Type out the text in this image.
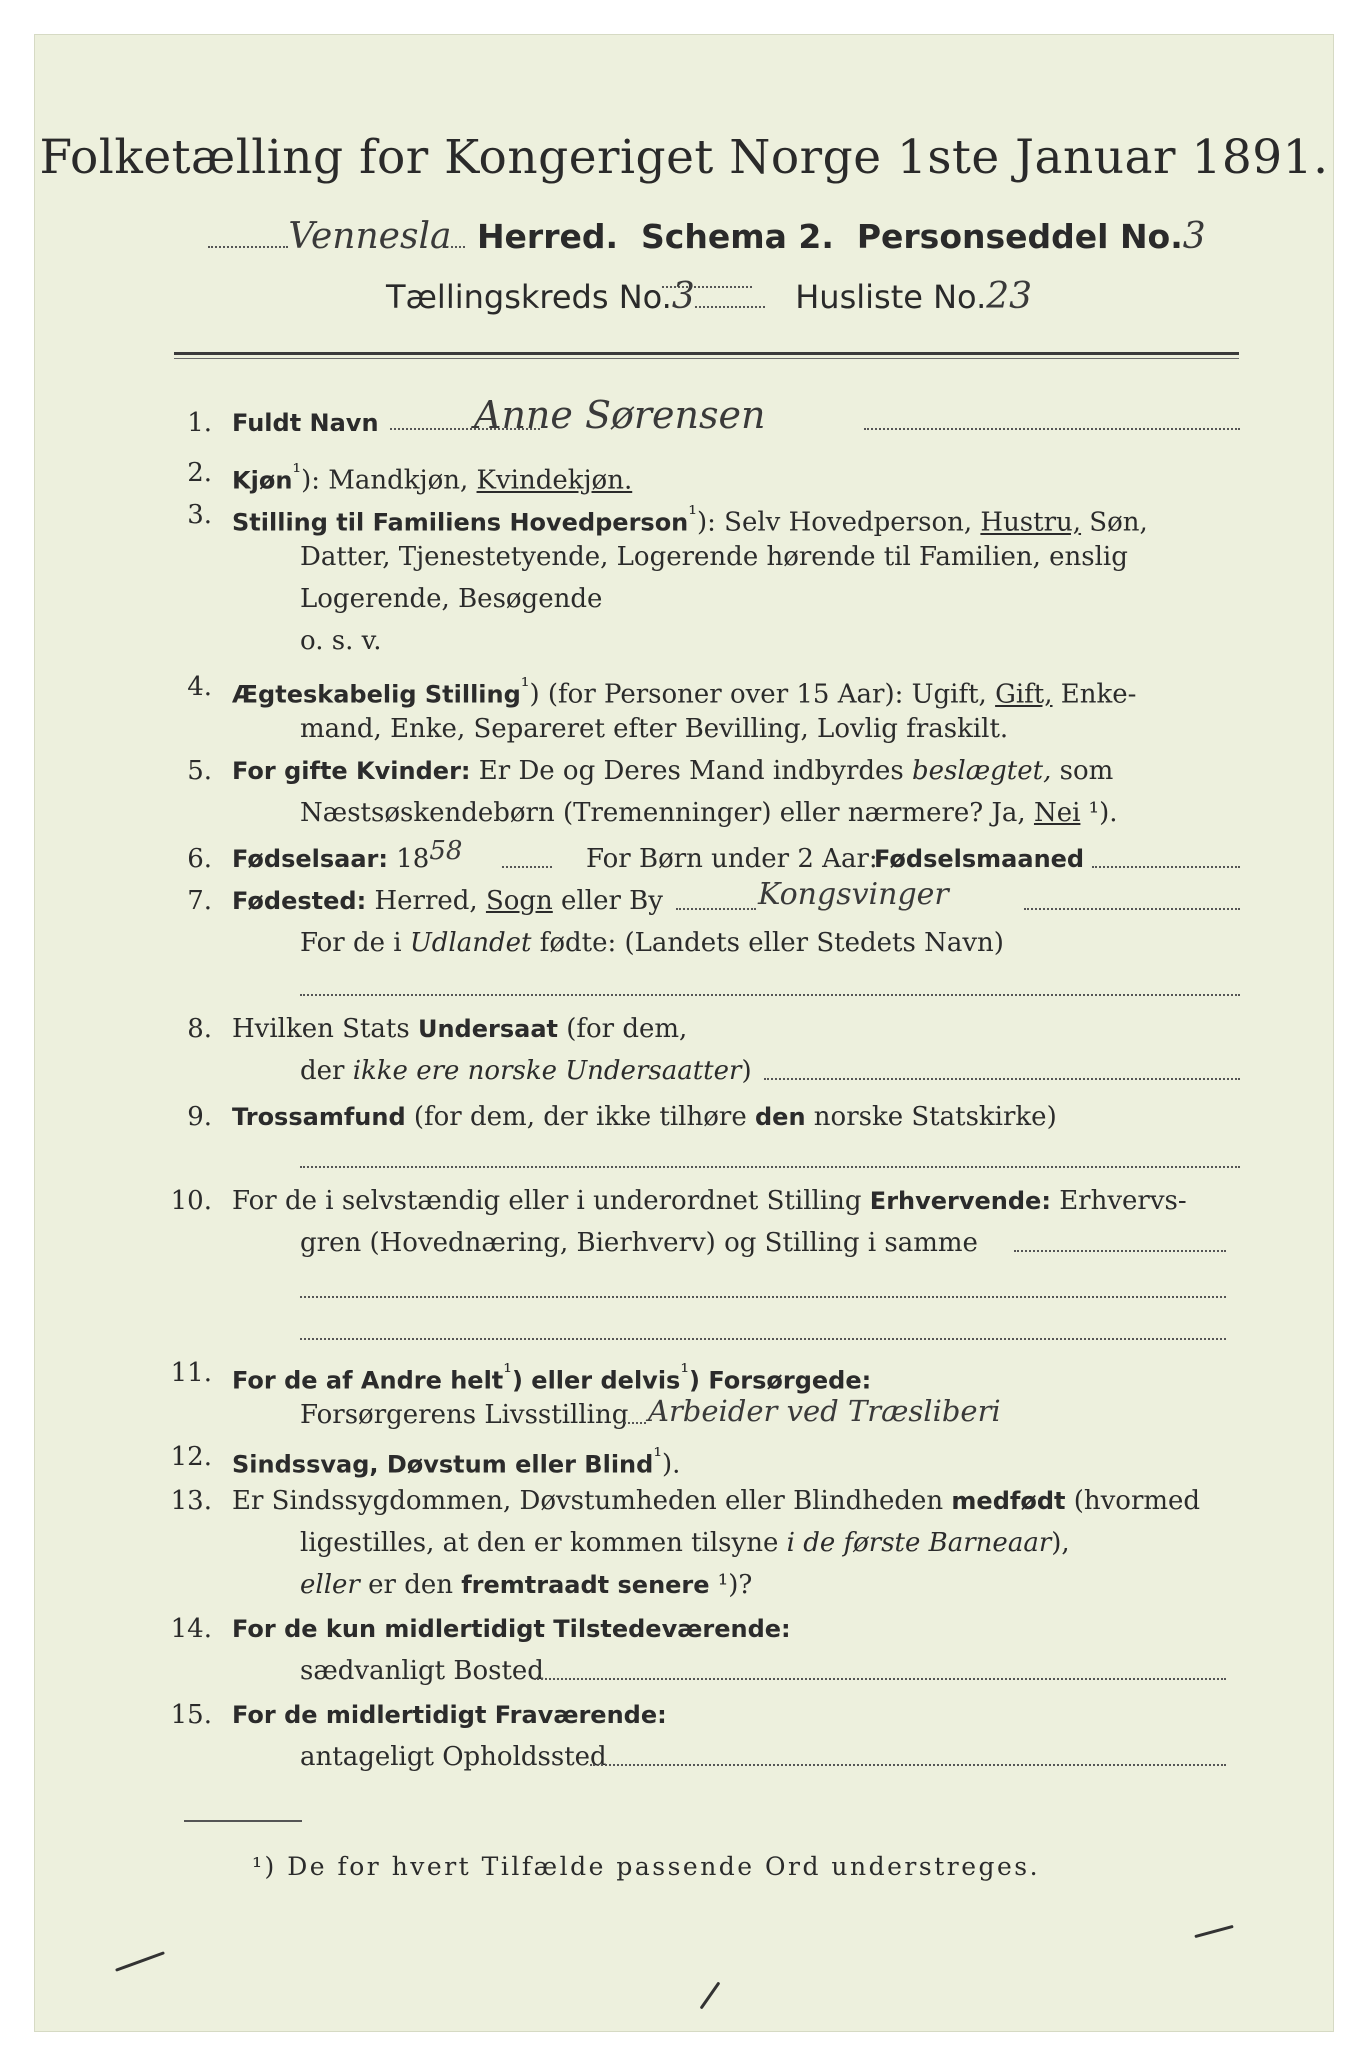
Folketælling for Kongeriget Norge 1ste Januar 1891.
Vennesla Herred. Schema 2. Personseddel No.3
Tællingskreds No.3	Husliste No.23
1. Fuldt Navn	Anne Sørensen
2. Kjøn$^{^1}$): Mandkjøn, Kvindekjøn.
3. Stilling til Familiens Hovedperson$^{^1}$): Selv Hovedperson, Hustru, Søn,
Datter, Tjenestetyende, Logerende hørende til Familien, enslig
Logerende, Besøgende
o. s. v.
4. Ægteskabelig Stilling$^{^1}$) (for Personer over 15 Aar): Ugift, Gift, Enke-
mand, Enke, Separeret efter Bevilling, Lovlig fraskilt.
5. For gifte Kvinder: Er De og Deres Mand indbyrdes beslægtet, som
Næstsøskendebørn (Tremenninger) eller nærmere? Ja, Nei ¹).
6. Fødselsaar: 1858	For Børn under 2 Aar:
Fødselsmaaned
7. Fødested: Herred, Sogn eller By	Kongsvinger
For de i Udlandet fødte: (Landets eller Stedets Navn)
8. Hvilken Stats Undersaat (for dem,
der ikke ere norske Undersaatter)
9. Trossamfund (for dem, der ikke tilhøre den norske Statskirke)
10. For de i selvstændig eller i underordnet Stilling Erhvervende: Erhvervs-
gren (Hovednæring, Bierhverv) og Stilling i samme
11. For de af Andre helt$^{^1}$) eller delvis$^{^1}$) Forsørgede:
Forsørgerens Livsstilling Arbeider ved Træsliberi
12. Sindssvag, Døvstum eller Blind$^{^1}$).
13. Er Sindssygdommen, Døvstumheden eller Blindheden medfødt (hvormed
ligestilles, at den er kommen tilsyne i de første Barneaar),
eller er den fremtraadt senere ¹)?
14. For de kun midlertidigt Tilstedeværende:
sædvanligt Bosted
15. For de midlertidigt Fraværende:
antageligt Opholdssted
¹) De for hvert Tilfælde passende Ord understreges.
